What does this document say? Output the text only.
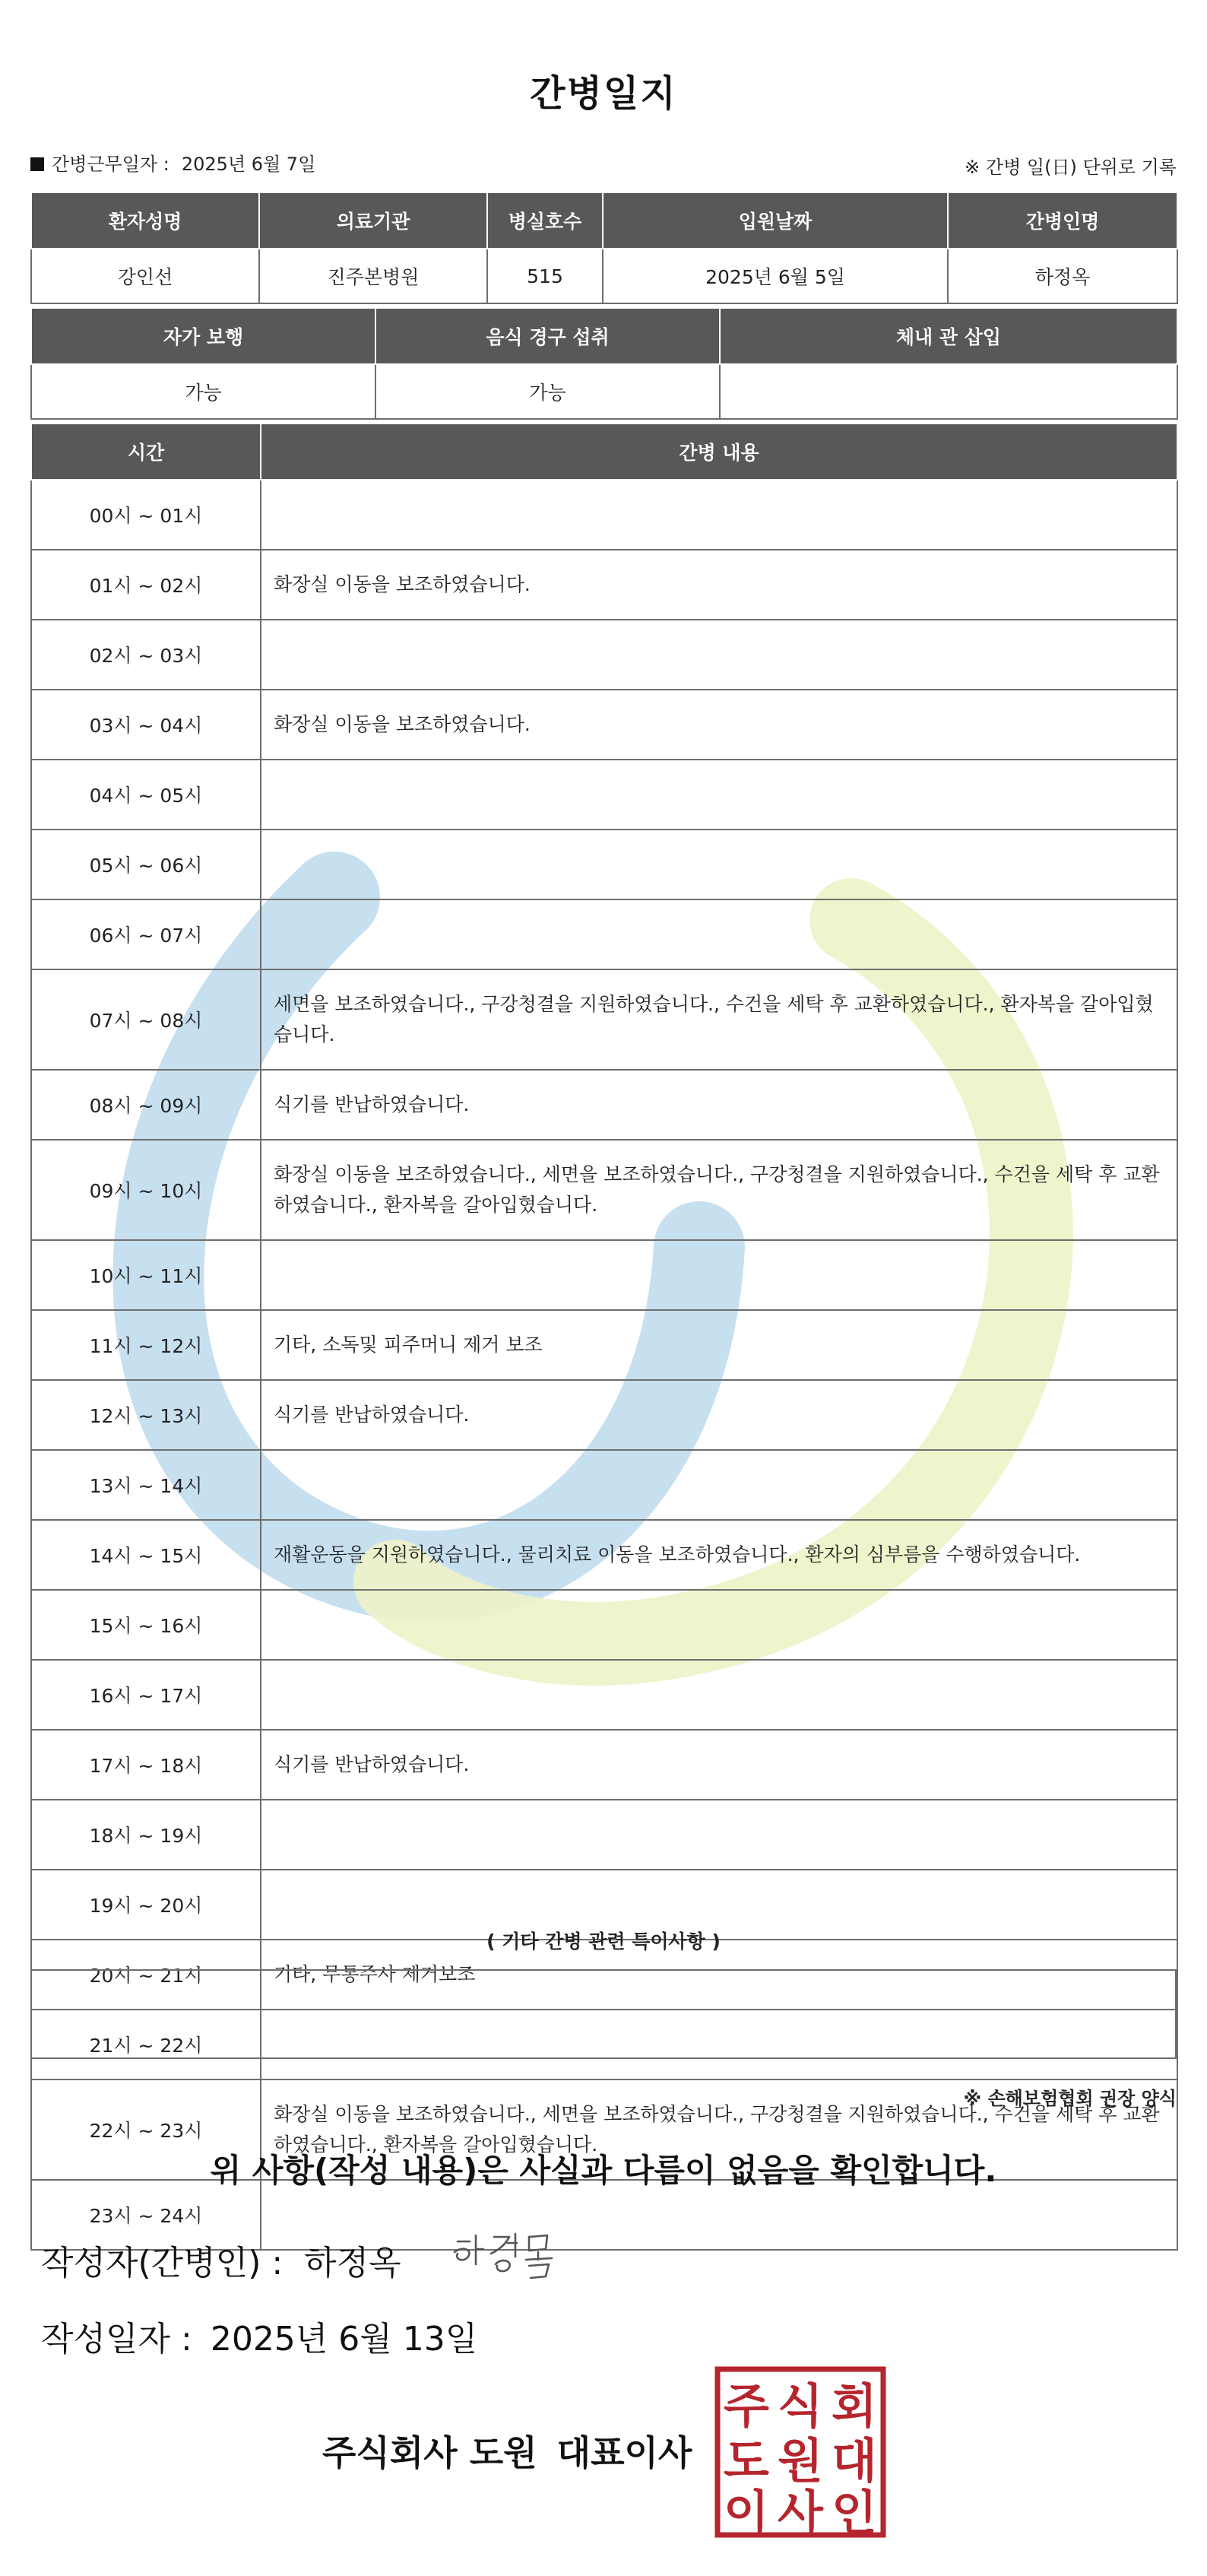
간병일지
간병근무일자 : 2025년 6월 7일	※ 간병 일(日) 단위로 기록
환자성명	의료기관	병실호수	입원날짜	간병인명
강인선	진주본병원	515	2025년 6월 5일	하정옥
자가 보행	음식 경구 섭취	체내 관 삽입
가능	가능	
시간	간병 내용
00시 ~ 01시	
01시 ~ 02시	화장실 이동을 보조하였습니다.
02시 ~ 03시	
03시 ~ 04시	화장실 이동을 보조하였습니다.
04시 ~ 05시	
05시 ~ 06시	
06시 ~ 07시	
07시 ~ 08시	세면을 보조하였습니다., 구강청결을 지원하였습니다., 수건을 세탁 후 교환하였습니다., 환자복을 갈아입혔습니다.
08시 ~ 09시	식기를 반납하였습니다.
09시 ~ 10시	화장실 이동을 보조하였습니다., 세면을 보조하였습니다., 구강청결을 지원하였습니다., 수건을 세탁 후 교환하였습니다., 환자복을 갈아입혔습니다.
10시 ~ 11시	
11시 ~ 12시	기타, 소독및 피주머니 제거 보조
12시 ~ 13시	식기를 반납하였습니다.
13시 ~ 14시	
14시 ~ 15시	재활운동을 지원하였습니다., 물리치료 이동을 보조하였습니다., 환자의 심부름을 수행하였습니다.
15시 ~ 16시	
16시 ~ 17시	
17시 ~ 18시	식기를 반납하였습니다.
18시 ~ 19시	
19시 ~ 20시	
20시 ~ 21시	기타, 무통주사 제거보조
21시 ~ 22시	
22시 ~ 23시	화장실 이동을 보조하였습니다., 세면을 보조하였습니다., 구강청결을 지원하였습니다., 수건을 세탁 후 교환하였습니다., 환자복을 갈아입혔습니다.
23시 ~ 24시	
( 기타 간병 관련 특이사항 )
※ 손해보험협회 권장 양식
위 사항(작성 내용)은 사실과 다름이 없음을 확인합니다.
작성자(간병인) : 하정옥
작성일자 : 2025년 6월 13일
주식회사 도원 대표이사
주 식 회
도 원 대
이 사 인
